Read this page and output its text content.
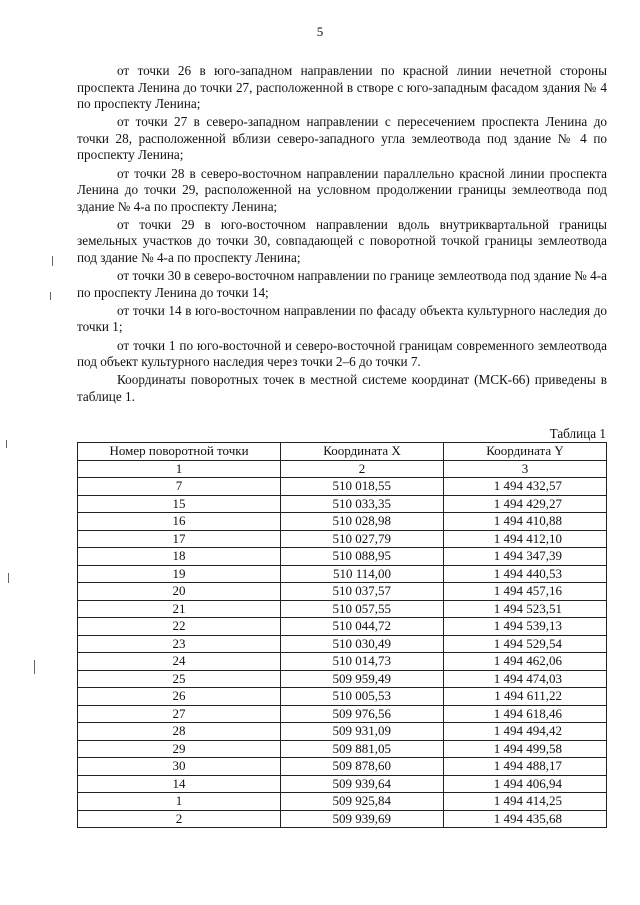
5

от точки 26 в юго-западном направлении по красной линии нечетной стороны проспекта Ленина до точки 27, расположенной в створе с юго-западным фасадом здания № 4 по проспекту Ленина;

от точки 27 в северо-западном направлении с пересечением проспекта Ленина до точки 28, расположенной вблизи северо-западного угла землеотвода под здание № 4 по проспекту Ленина;

от точки 28 в северо-восточном направлении параллельно красной линии проспекта Ленина до точки 29, расположенной на условном продолжении границы землеотвода под здание № 4-а по проспекту Ленина;

от точки 29 в юго-восточном направлении вдоль внутриквартальной границы земельных участков до точки 30, совпадающей с поворотной точкой границы землеотвода под здание № 4-а по проспекту Ленина;

от точки 30 в северо-восточном направлении по границе землеотвода под здание № 4-а по проспекту Ленина до точки 14;

от точки 14 в юго-восточном направлении по фасаду объекта культурного наследия до точки 1;

от точки 1 по юго-восточной и северо-восточной границам современного землеотвода под объект культурного наследия через точки 2–6 до точки 7.

Координаты поворотных точек в местной системе координат (МСК-66) приведены в таблице 1.

Таблица 1
Номер поворотной точки	Координата X	Координата Y
1	2	3
7	510 018,55	1 494 432,57
15	510 033,35	1 494 429,27
16	510 028,98	1 494 410,88
17	510 027,79	1 494 412,10
18	510 088,95	1 494 347,39
19	510 114,00	1 494 440,53
20	510 037,57	1 494 457,16
21	510 057,55	1 494 523,51
22	510 044,72	1 494 539,13
23	510 030,49	1 494 529,54
24	510 014,73	1 494 462,06
25	509 959,49	1 494 474,03
26	510 005,53	1 494 611,22
27	509 976,56	1 494 618,46
28	509 931,09	1 494 494,42
29	509 881,05	1 494 499,58
30	509 878,60	1 494 488,17
14	509 939,64	1 494 406,94
1	509 925,84	1 494 414,25
2	509 939,69	1 494 435,68
